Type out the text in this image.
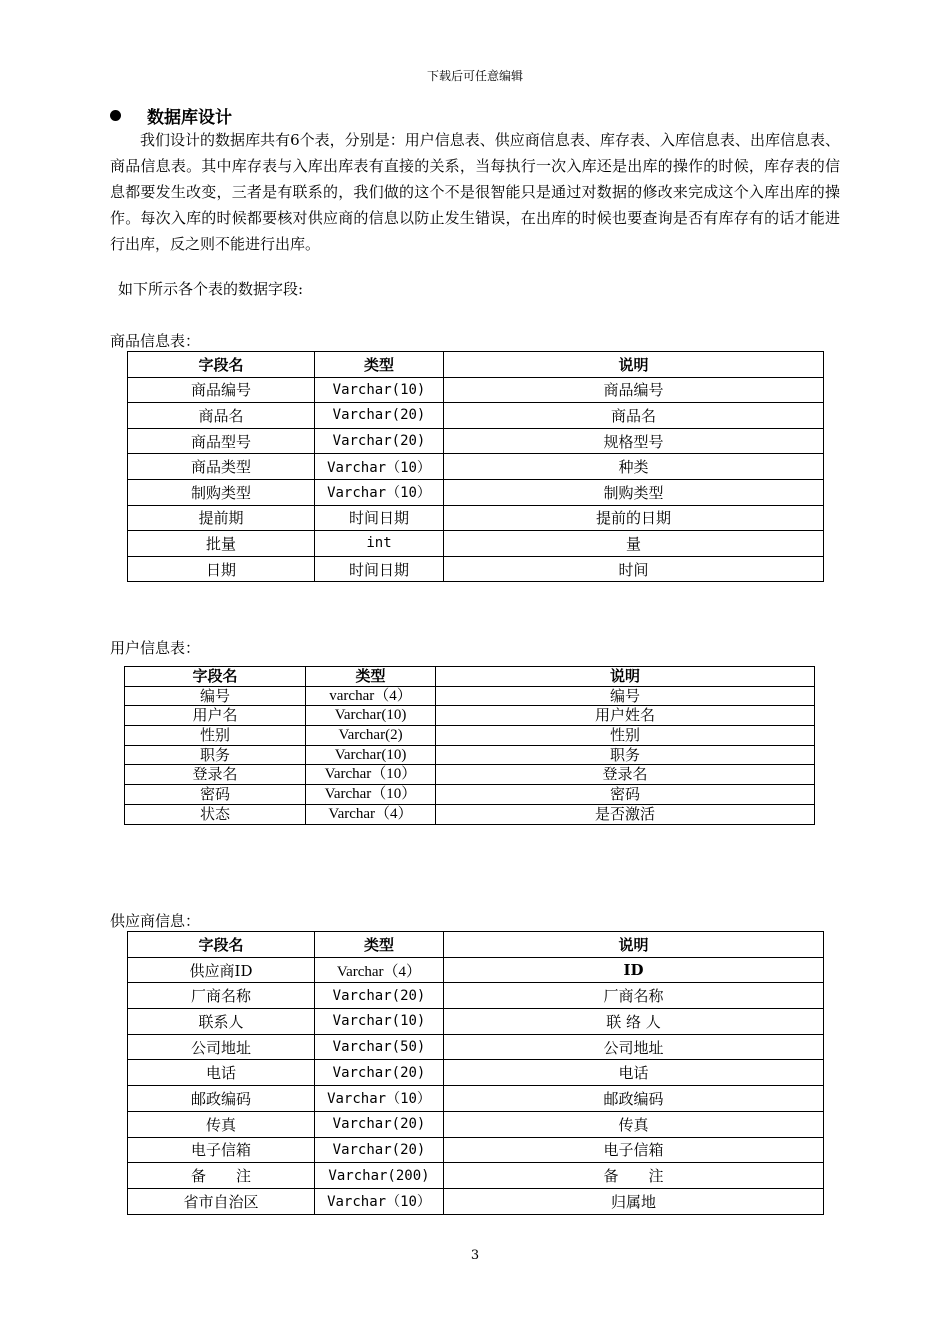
下载后可任意编辑
数据库设计
我们设计的数据库共有6个表，分别是：用户信息表、供应商信息表、库存表、入库信息表、出库信息表、商品信息表。其中库存表与入库出库表有直接的关系，当每执行一次入库还是出库的操作的时候，库存表的信息都要发生改变，三者是有联系的，我们做的这个不是很智能只是通过对数据的修改来完成这个入库出库的操作。每次入库的时候都要核对供应商的信息以防止发生错误，在出库的时候也要查询是否有库存有的话才能进行出库，反之则不能进行出库。
如下所示各个表的数据字段:
商品信息表：
字段名	类型	说明
商品编号	Varchar(10)	商品编号
商品名	Varchar(20)	商品名
商品型号	Varchar(20)	规格型号
商品类型	Varchar（10）	种类
制购类型	Varchar（10）	制购类型
提前期	时间日期	提前的日期
批量	int	量
日期	时间日期	时间
用户信息表：
字段名	类型	说明
编号	varchar（4）	编号
用户名	Varchar(10)	用户姓名
性别	Varchar(2)	性别
职务	Varchar(10)	职务
登录名	Varchar（10）	登录名
密码	Varchar（10）	密码
状态	Varchar（4）	是否激活
供应商信息：
字段名	类型	说明
供应商ID	Varchar（4）	ID
厂商名称	Varchar(20)	厂商名称
联系人	Varchar(10)	联 络 人
公司地址	Varchar(50)	公司地址
电话	Varchar(20)	电话
邮政编码	Varchar（10）	邮政编码
传真	Varchar(20)	传真
电子信箱	Varchar(20)	电子信箱
备　　注	Varchar(200)	备　　注
省市自治区	Varchar（10）	归属地
3
